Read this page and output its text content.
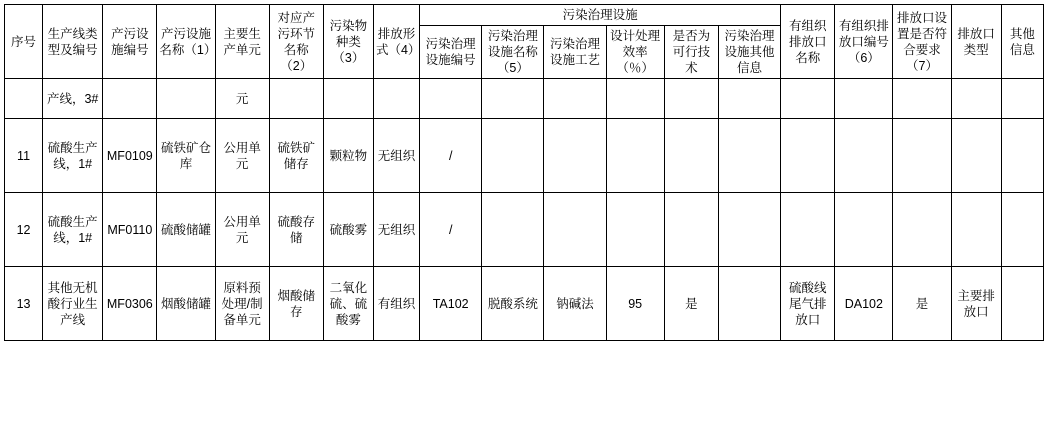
序号	生产线类型及编号	产污设施编号	产污设施名称（1）	主要生产单元	对应产污环节名称（2）	污染物种类（3）	排放形式（4）	污染治理设施						有组织排放口名称	有组织排放口编号（6）	排放口设置是否符合要求（7）	排放口类型	其他信息
								污染治理设施编号	污染治理设施名称（5）	污染治理设施工艺	设计处理效率（％）	是否为可行技术	污染治理设施其他信息					
	产线，3#			元														
11	硫酸生产线，1#	MF0109	硫铁矿仓库	公用单元	硫铁矿储存	颗粒物	无组织	/										
12	硫酸生产线，1#	MF0110	硫酸储罐	公用单元	硫酸存储	硫酸雾	无组织	/										
13	其他无机酸行业生产线	MF0306	烟酸储罐	原料预处理/制备单元	烟酸储存	二氧化硫、硫酸雾	有组织	TA102	脱酸系统	钠碱法	95	是		硫酸线尾气排放口	DA102	是	主要排放口	
